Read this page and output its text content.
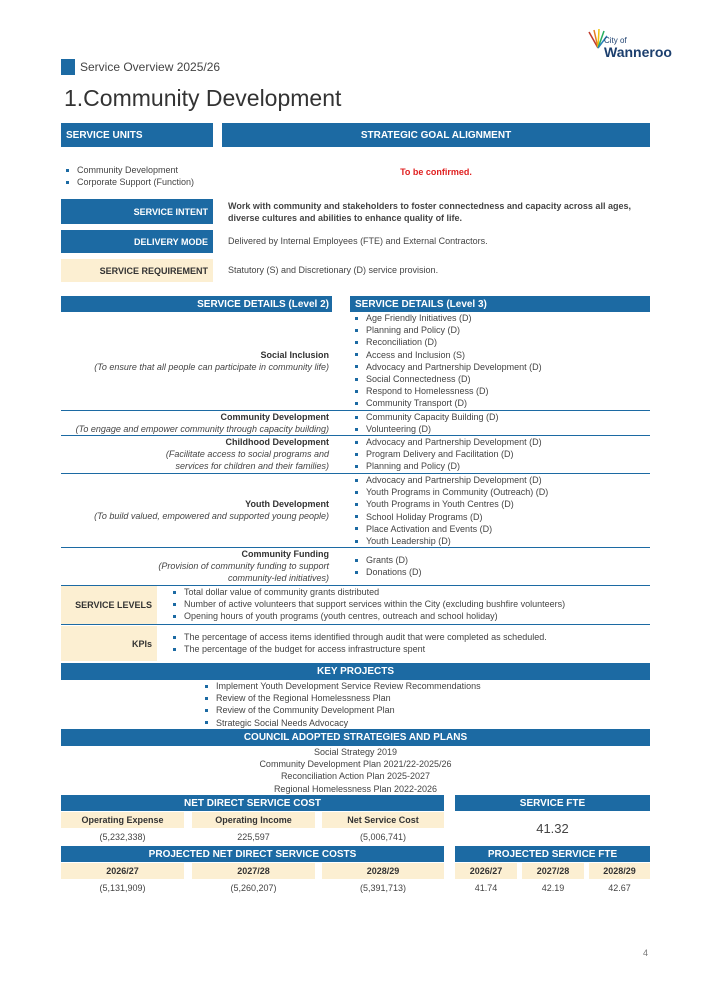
City of
Wanneroo
Service Overview 2025/26
1.Community Development
SERVICE UNITS	STRATEGIC GOAL ALIGNMENT
Community Development
Corporate Support (Function)
To be confirmed.
SERVICE INTENT
Work with community and stakeholders to foster connectedness and capacity across all ages, diverse cultures and abilities to enhance quality of life.
DELIVERY MODE	Delivered by Internal Employees (FTE) and External Contractors.
SERVICE REQUIREMENT	Statutory (S) and Discretionary (D) service provision.
SERVICE DETAILS (Level 2)	SERVICE DETAILS (Level 3)
Social Inclusion
(To ensure that all people can participate in community life)
Age Friendly Initiatives (D)
Planning and Policy (D)
Reconciliation (D)
Access and Inclusion (S)
Advocacy and Partnership Development (D)
Social Connectedness (D)
Respond to Homelessness (D)
Community Transport (D)
Community Development
(To engage and empower community through capacity building)
Community Capacity Building (D)
Volunteering (D)
Childhood Development
(Facilitate access to social programs and
services for children and their families)
Advocacy and Partnership Development (D)
Program Delivery and Facilitation (D)
Planning and Policy (D)
Youth Development
(To build valued, empowered and supported young people)
Advocacy and Partnership Development (D)
Youth Programs in Community (Outreach) (D)
Youth Programs in Youth Centres (D)
School Holiday Programs (D)
Place Activation and Events (D)
Youth Leadership (D)
Community Funding
(Provision of community funding to support
community-led initiatives)
Grants (D)
Donations (D)
SERVICE LEVELS
Total dollar value of community grants distributed
Number of active volunteers that support services within the City (excluding bushfire volunteers)
Opening hours of youth programs (youth centres, outreach and school holiday)
KPIs
The percentage of access items identified through audit that were completed as scheduled.
The percentage of the budget for access infrastructure spent
KEY PROJECTS
Implement Youth Development Service Review Recommendations
Review of the Regional Homelessness Plan
Review of the Community Development Plan
Strategic Social Needs Advocacy
COUNCIL ADOPTED STRATEGIES AND PLANS
Social Strategy 2019
Community Development Plan 2021/22-2025/26
Reconciliation Action Plan 2025-2027
Regional Homelessness Plan 2022-2026
NET DIRECT SERVICE COST
Operating Expense	Operating Income	Net Service Cost
(5,232,338)	225,597	(5,006,741)
SERVICE FTE
41.32
PROJECTED NET DIRECT SERVICE COSTS
2026/27	2027/28	2028/29
(5,131,909)	(5,260,207)	(5,391,713)
PROJECTED SERVICE FTE
2026/27	2027/28	2028/29
41.74	42.19	42.67
4
